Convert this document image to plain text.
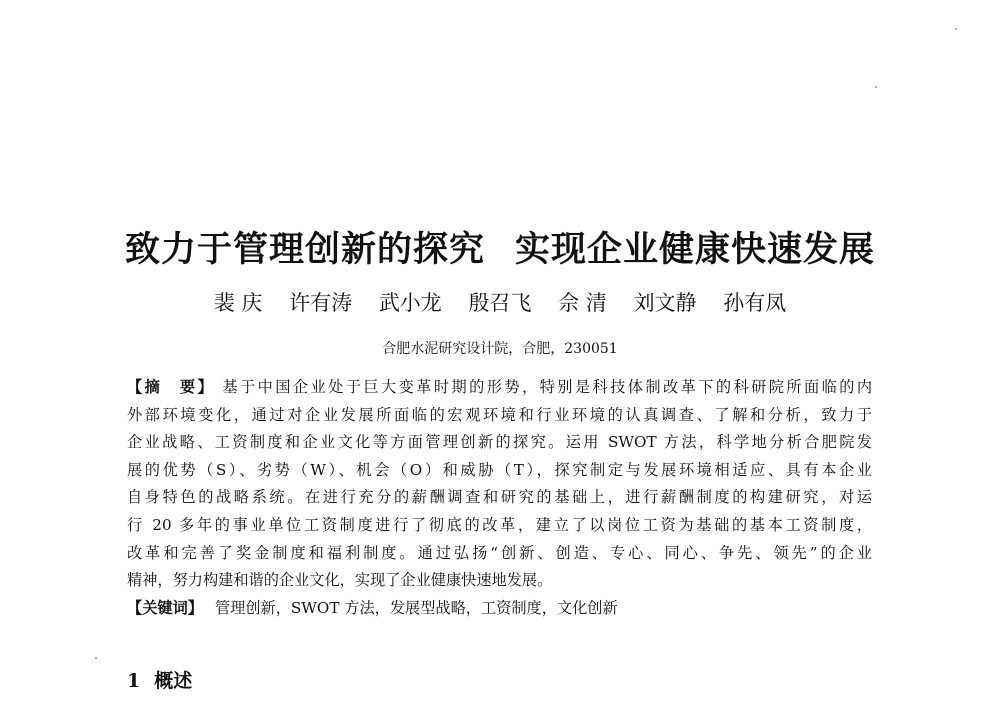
致力于管理创新的探究 实现企业健康快速发展
裴 庆 许有涛 武小龙 殷召飞 佘 清 刘文静 孙有凤
合肥水泥研究设计院，合肥，230051
【摘　要】 基于中国企业处于巨大变革时期的形势，特别是科技体制改革下的科研院所面临的内
外部环境变化，通过对企业发展所面临的宏观环境和行业环境的认真调查、了解和分析，致力于
企业战略、工资制度和企业文化等方面管理创新的探究。运用 SWOT 方法，科学地分析合肥院发
展的优势（S）、劣势（W）、机会（O）和威胁（T），探究制定与发展环境相适应、具有本企业
自身特色的战略系统。在进行充分的薪酬调查和研究的基础上，进行薪酬制度的构建研究，对运
行 20 多年的事业单位工资制度进行了彻底的改革，建立了以岗位工资为基础的基本工资制度，
改革和完善了奖金制度和福利制度。通过弘扬“创新、创造、专心、同心、争先、领先”的企业
精神，努力构建和谐的企业文化，实现了企业健康快速地发展。
【关键词】 管理创新，SWOT 方法，发展型战略，工资制度，文化创新
1 概述
